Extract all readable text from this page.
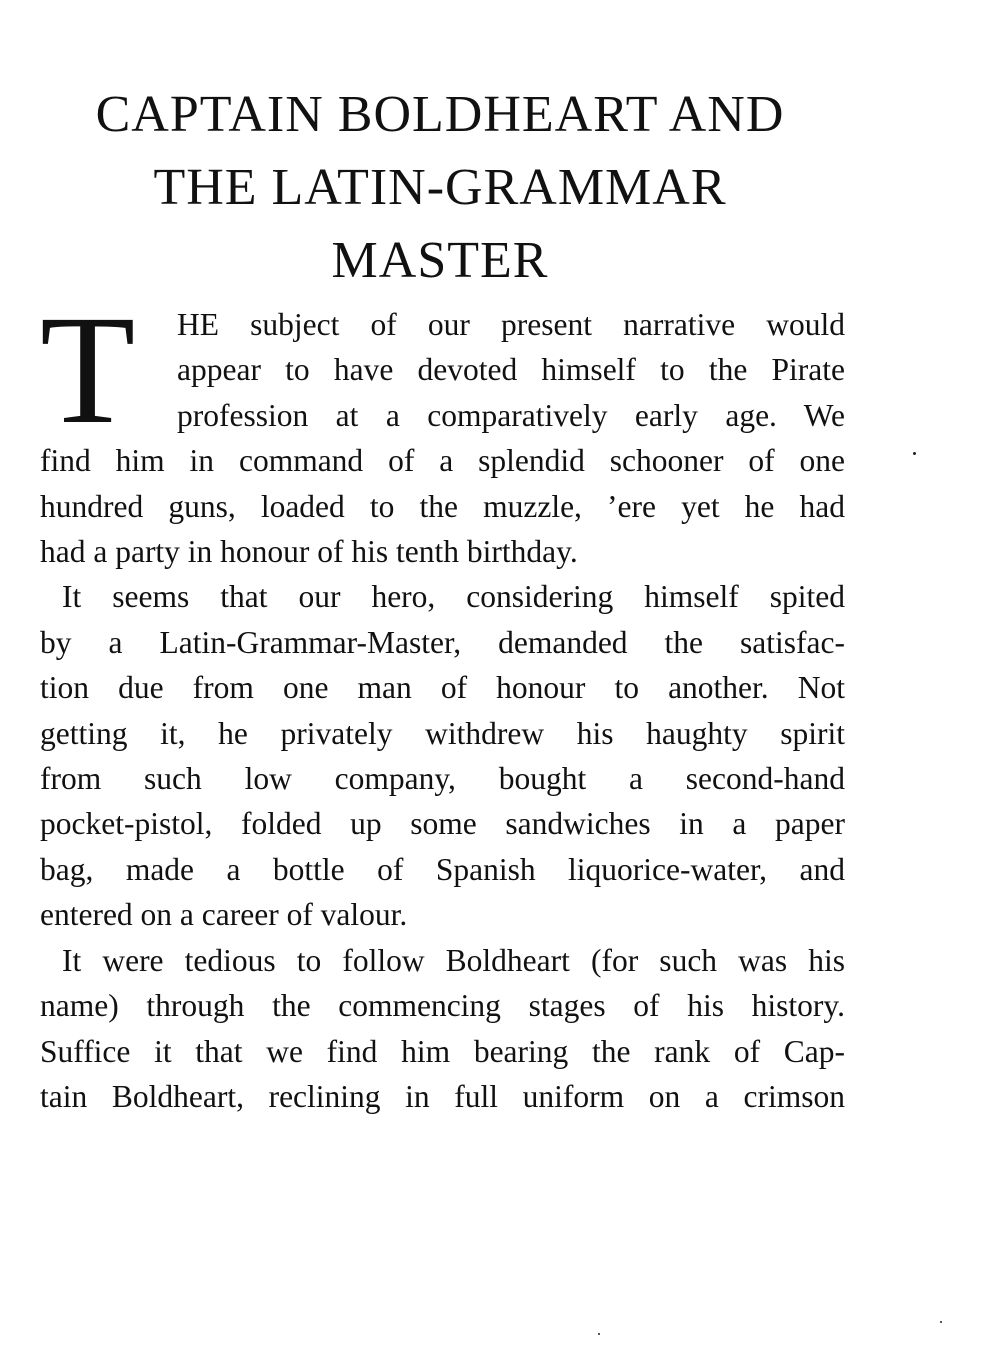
CAPTAIN BOLDHEART AND
THE LATIN-GRAMMAR
MASTER
T	HE subject of our present narrative would
appear to have devoted himself to the Pirate
profession at a comparatively early age. We
find him in command of a splendid schooner of one
hundred guns, loaded to the muzzle, ’ere yet he had
had a party in honour of his tenth birthday.
It seems that our hero, considering himself spited
by a Latin-Grammar-Master, demanded the satisfac-
tion due from one man of honour to another. Not
getting it, he privately withdrew his haughty spirit
from such low company, bought a second-hand
pocket-pistol, folded up some sandwiches in a paper
bag, made a bottle of Spanish liquorice-water, and
entered on a career of valour.
It were tedious to follow Boldheart (for such was his
name) through the commencing stages of his history.
Suffice it that we find him bearing the rank of Cap-
tain Boldheart, reclining in full uniform on a crimson
